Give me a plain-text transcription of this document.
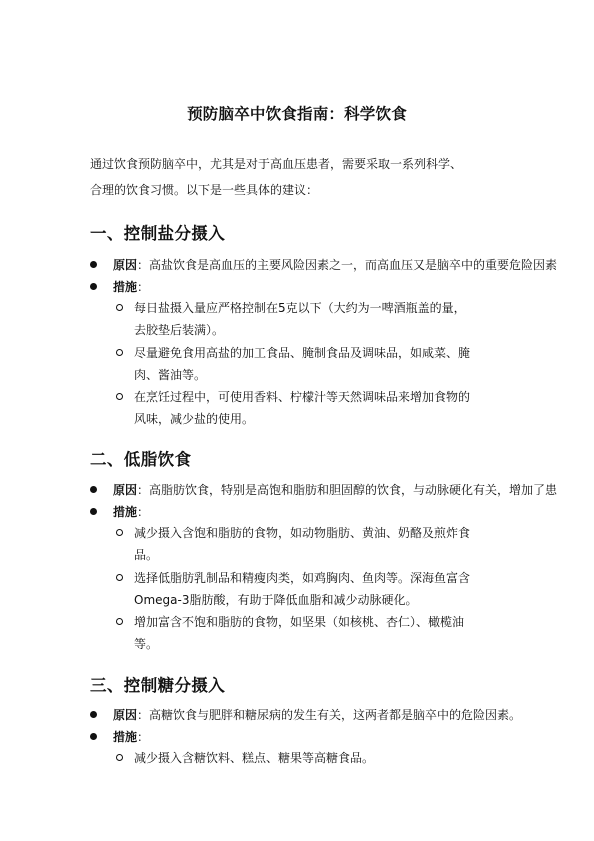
预防脑卒中饮食指南：科学饮食
通过饮食预防脑卒中，尤其是对于高血压患者，需要采取一系列科学、
合理的饮食习惯。以下是一些具体的建议：
一、控制盐分摄入
原因：高盐饮食是高血压的主要风险因素之一，而高血压又是脑卒中的重要危险因素
措施：
每日盐摄入量应严格控制在5克以下（大约为一啤酒瓶盖的量，
去胶垫后装满）。
尽量避免食用高盐的加工食品、腌制食品及调味品，如咸菜、腌
肉、酱油等。
在烹饪过程中，可使用香料、柠檬汁等天然调味品来增加食物的
风味，减少盐的使用。
二、低脂饮食
原因：高脂肪饮食，特别是高饱和脂肪和胆固醇的饮食，与动脉硬化有关，增加了患
措施：
减少摄入含饱和脂肪的食物，如动物脂肪、黄油、奶酪及煎炸食
品。
选择低脂肪乳制品和精瘦肉类，如鸡胸肉、鱼肉等。深海鱼富含
Omega-3脂肪酸，有助于降低血脂和减少动脉硬化。
增加富含不饱和脂肪的食物，如坚果（如核桃、杏仁）、橄榄油
等。
三、控制糖分摄入
原因：高糖饮食与肥胖和糖尿病的发生有关，这两者都是脑卒中的危险因素。
措施：
减少摄入含糖饮料、糕点、糖果等高糖食品。
